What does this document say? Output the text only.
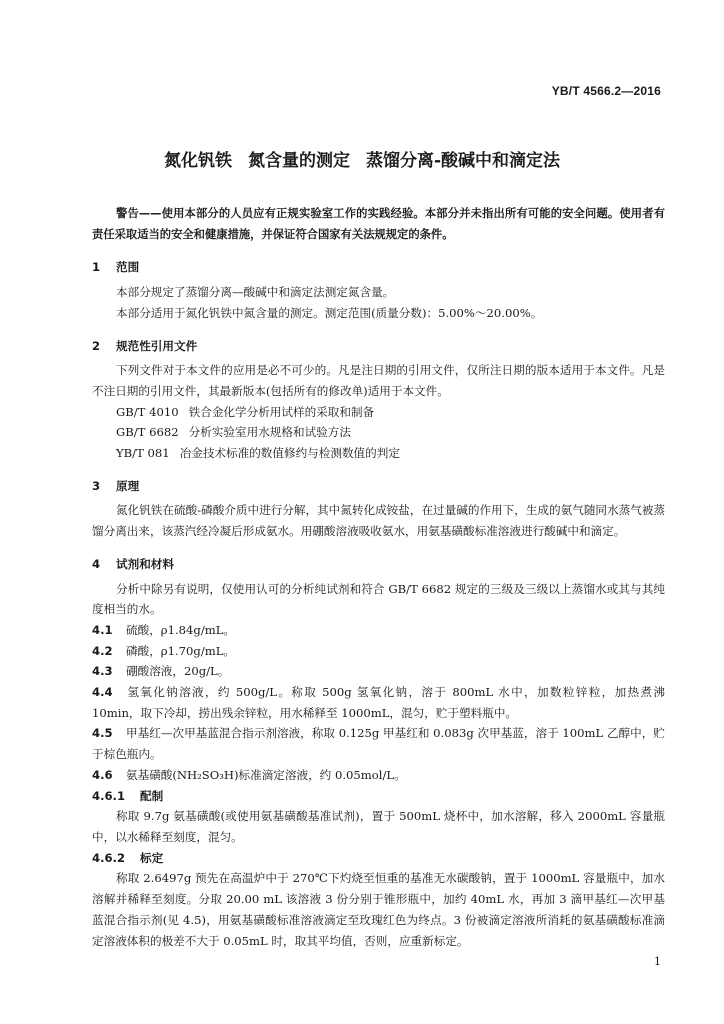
YB/T 4566.2—2016
氮化钒铁 氮含量的测定 蒸馏分离-酸碱中和滴定法

警告——使用本部分的人员应有正规实验室工作的实践经验。本部分并未指出所有可能的安全问题。使用者有责任采取适当的安全和健康措施，并保证符合国家有关法规规定的条件。

1 范围

本部分规定了蒸馏分离—酸碱中和滴定法测定氮含量。

本部分适用于氮化钒铁中氮含量的测定。测定范围(质量分数)：5.00%～20.00%。

2 规范性引用文件

下列文件对于本文件的应用是必不可少的。凡是注日期的引用文件，仅所注日期的版本适用于本文件。凡是不注日期的引用文件，其最新版本(包括所有的修改单)适用于本文件。

GB/T 4010 铁合金化学分析用试样的采取和制备

GB/T 6682 分析实验室用水规格和试验方法

YB/T 081 冶金技术标准的数值修约与检测数值的判定

3 原理

氮化钒铁在硫酸-磷酸介质中进行分解，其中氮转化成铵盐，在过量碱的作用下，生成的氨气随同水蒸气被蒸馏分离出来，该蒸汽经冷凝后形成氨水。用硼酸溶液吸收氨水，用氨基磺酸标准溶液进行酸碱中和滴定。

4 试剂和材料

分析中除另有说明，仅使用认可的分析纯试剂和符合 GB/T 6682 规定的三级及三级以上蒸馏水或其与其纯度相当的水。

4.1 硫酸，ρ1.84g/mL。

4.2 磷酸，ρ1.70g/mL。

4.3 硼酸溶液，20g/L。

4.4 氢氧化钠溶液，约 500g/L。称取 500g 氢氧化钠，溶于 800mL 水中，加数粒锌粒，加热煮沸 10min，取下冷却，捞出残余锌粒，用水稀释至 1000mL，混匀，贮于塑料瓶中。

4.5 甲基红—次甲基蓝混合指示剂溶液，称取 0.125g 甲基红和 0.083g 次甲基蓝，溶于 100mL 乙醇中，贮于棕色瓶内。

4.6 氨基磺酸(NH₂SO₃H)标准滴定溶液，约 0.05mol/L。

4.6.1 配制

称取 9.7g 氨基磺酸(或使用氨基磺酸基准试剂)，置于 500mL 烧杯中，加水溶解，移入 2000mL 容量瓶中，以水稀释至刻度，混匀。

4.6.2 标定

称取 2.6497g 预先在高温炉中于 270℃下灼烧至恒重的基准无水碳酸钠，置于 1000mL 容量瓶中，加水溶解并稀释至刻度。分取 20.00 mL 该溶液 3 份分别于锥形瓶中，加约 40mL 水，再加 3 滴甲基红—次甲基蓝混合指示剂(见 4.5)，用氨基磺酸标准溶液滴定至玫瑰红色为终点。3 份被滴定溶液所消耗的氨基磺酸标准滴定溶液体积的极差不大于 0.05mL 时，取其平均值，否则，应重新标定。

1
